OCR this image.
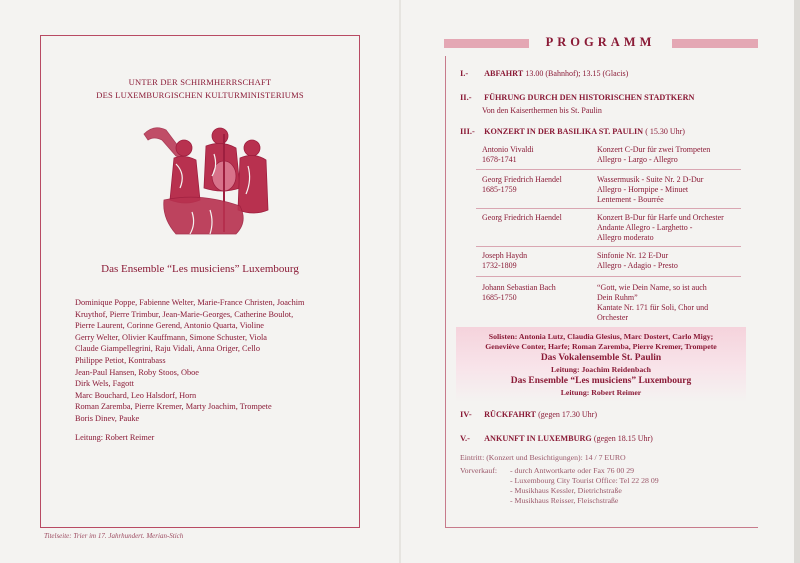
UNTER DER SCHIRMHERRSCHAFT
DES LUXEMBURGISCHEN KULTURMINISTERIUMS
Das Ensemble “Les musiciens” Luxembourg
Dominique Poppe, Fabienne Welter, Marie-France Christen, Joachim
Kruythof, Pierre Trimbur, Jean-Marie-Georges, Catherine Boulot,
Pierre Laurent, Corinne Gerend, Antonio Quarta, Violine
Gerry Welter, Olivier Kauffmann, Simone Schuster, Viola
Claude Giampellegrini, Raju Vidali, Anna Origer, Cello
Philippe Petiot, Kontrabass
Jean-Paul Hansen, Roby Stoos, Oboe
Dirk Wels, Fagott
Marc Bouchard, Leo Halsdorf, Horn
Roman Zaremba, Pierre Kremer, Marty Joachim, Trompete
Boris Dinev, Pauke
Leitung: Robert Reimer
Titelseite: Trier im 17. Jahrhundert. Merian-Stich
PROGRAMM
I.- ABFAHRT 13.00 (Bahnhof); 13.15 (Glacis)
II.- FÜHRUNG DURCH DEN HISTORISCHEN STADTKERN
Von den Kaiserthermen bis St. Paulin
III.- KONZERT IN DER BASILIKA ST. PAULIN ( 15.30 Uhr)
Antonio Vivaldi
1678-1741
Konzert C-Dur für zwei Trompeten
Allegro - Largo - Allegro
Georg Friedrich Haendel
1685-1759
Wassermusik - Suite Nr. 2 D-Dur
Allegro - Hornpipe - Minuet
Lentement - Bourrée
Georg Friedrich Haendel	Konzert B-Dur für Harfe und Orchester
Andante Allegro - Larghetto -
Allegro moderato
Joseph Haydn
1732-1809
Sinfonie Nr. 12 E-Dur
Allegro - Adagio - Presto
Johann Sebastian Bach
1685-1750
“Gott, wie Dein Name, so ist auch
Dein Ruhm”
Kantate Nr. 171 für Soli, Chor und
Orchester
Solisten: Antonia Lutz, Claudia Glesius, Marc Dostert, Carlo Migy;
Geneviève Conter, Harfe; Roman Zaremba, Pierre Kremer, Trompete
Das Vokalensemble St. Paulin
Leitung: Joachim Reidenbach
Das Ensemble “Les musiciens” Luxembourg
Leitung: Robert Reimer
IV- RÜCKFAHRT (gegen 17.30 Uhr)
V.- ANKUNFT IN LUXEMBURG (gegen 18.15 Uhr)
Eintritt: (Konzert und Besichtigungen): 14 / 7 EURO
Vorverkauf: - durch Antwortkarte oder Fax 76 00 29
- Luxembourg City Tourist Office: Tel 22 28 09
- Musikhaus Kessler, Dietrichstraße
- Musikhaus Reisser, Fleischstraße
